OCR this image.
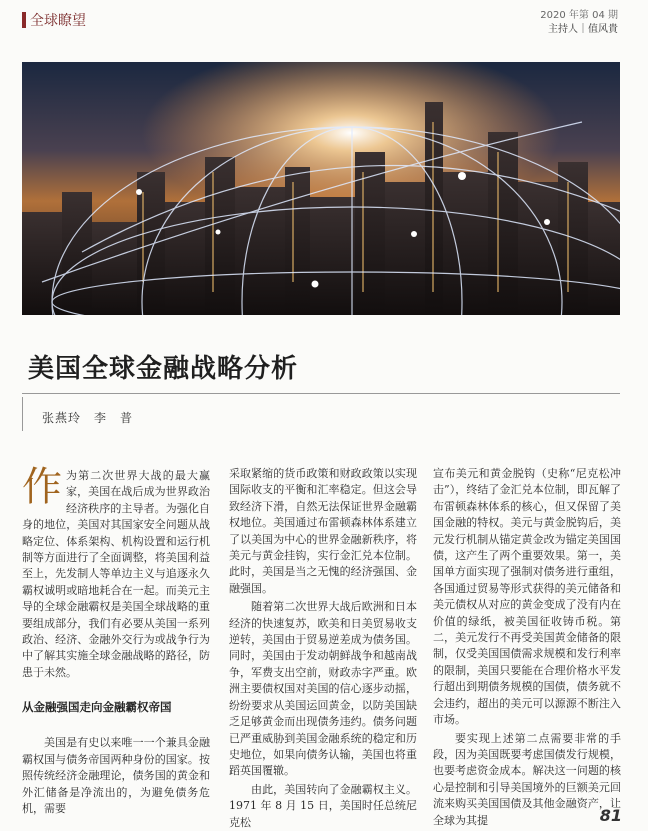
全球瞭望	2020 年第 04 期
主持人｜值风貴
美国全球金融战略分析
张燕玲　李　普

作为第二次世界大战的最大赢家，美国在战后成为世界政治经济秩序的主导者。为强化自身的地位，美国对其国家安全问题从战略定位、体系架构、机构设置和运行机制等方面进行了全面调整，将美国利益至上，先发制人等单边主义与追逐永久霸权诚明或暗地耗合在一起。而美元主导的全球金融霸权是美国全球战略的重要组成部分，我们有必要从美国一系列政治、经济、金融外交行为或战争行为中了解其实施全球金融战略的路径，防患于未然。

从金融强国走向金融霸权帝国

美国是有史以来唯一一个兼具金融霸权国与债务帝国两种身份的国家。按照传统经济金融理论，债务国的黄金和外汇储备是净流出的，为避免债务危机，需要

采取紧缩的货币政策和财政政策以实现国际收支的平衡和汇率稳定。但这会导致经济下滑，自然无法保证世界金融霸权地位。美国通过布雷顿森林体系建立了以美国为中心的世界金融新秩序，将美元与黄金挂钩，实行金汇兑本位制。此时，美国是当之无愧的经济强国、金融强国。

随着第二次世界大战后欧洲和日本经济的快速复苏，欧美和日美贸易收支逆转，美国由于贸易逆差成为债务国。同时，美国由于发动朝鲜战争和越南战争，军费支出空前，财政赤字严重。欧洲主要债权国对美国的信心逐步动摇，纷纷要求从美国运回黄金，以防美国缺乏足够黄金而出现债务违约。债务问题已严重威胁到美国金融系统的稳定和历史地位，如果向债务认输，美国也将重蹈英国覆辙。

由此，美国转向了金融霸权主义。1971 年 8 月 15 日，美国时任总统尼克松

宣布美元和黄金脱钩（史称“尼克松冲击”），终结了金汇兑本位制，即瓦解了布雷顿森林体系的核心，但又保留了美国金融的特权。美元与黄金脱钩后，美元发行机制从锚定黄金改为锚定美国国债，这产生了两个重要效果。第一，美国单方面实现了强制对债务进行重组，各国通过贸易等形式获得的美元储备和美元债权从对应的黄金变成了没有内在价值的绿纸，被美国征收铸币税。第二，美元发行不再受美国黄金储备的限制，仅受美国国债需求规模和发行利率的限制，美国只要能在合理价格水平发行超出到期债务规模的国债，债务就不会违约，超出的美元可以源源不断注入市场。

要实现上述第二点需要非常的手段，因为美国既要考虑国债发行规模，也要考虑资金成本。解决这一问题的核心是控制和引导美国境外的巨额美元回流来购买美国国债及其他金融资产，让全球为其提	81
